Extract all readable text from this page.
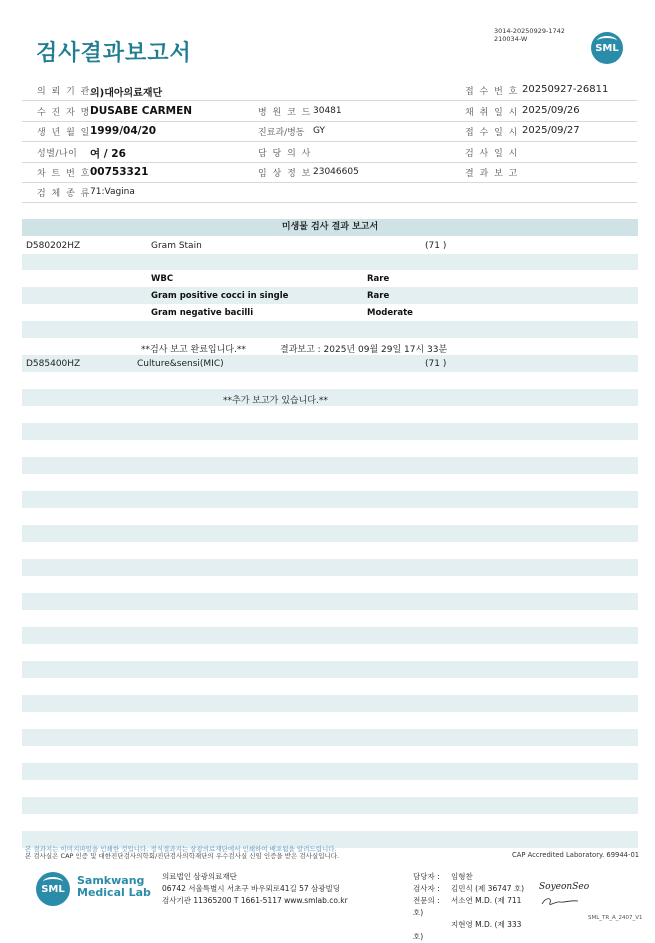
검사결과보고서
3014-20250929-1742
210034-W
SML
의 뢰 기 관 의)대아의료재단	접 수 번 호 20250927-26811
수 진 자 명 DUSABE CARMEN	병 원 코 드 30481	채 취 일 시 2025/09/26
생 년 월 일 1999/04/20	진료과/병동 GY	접 수 일 시 2025/09/27
성별/나이 여 / 26	담 당 의 사	검 사 일 시
차 트 번 호 00753321	임 상 정 보 23046605	결 과 보 고
검 체 종 류 71:Vagina
미생물 검사 결과 보고서
D580202HZ	Gram Stain	(71 )
WBC	Rare
Gram positive cocci in single	Rare
Gram negative bacilli	Moderate
**검사 보고 완료입니다.**	결과보고 : 2025년 09월 29일 17시 33분
D585400HZ	Culture&sensi(MIC)	(71 )
**추가 보고가 있습니다.**
본 결과지는 이미지파일을 인쇄한 것입니다. 정식결과지는 삼광의료재단에서 인쇄하여 배포됨을 알려드립니다.
본 검사실은 CAP 인증 및 대한진단검사의학회/진단검사의학재단의 우수검사실 신임 인증을 받은 검사실입니다.	CAP Accredited Laboratory. 69944-01
SML
Samkwang
Medical Lab
의료법인 삼광의료재단
06742 서울특별시 서초구 바우뫼로41길 57 삼광빌딩
검사기관 11365200 T 1661-5117 www.smlab.co.kr
담당자 : 임형찬
검사자 : 김민식 (제 36747 호)
전문의 : 서소연 M.D. (제 711 호)
지현영 M.D. (제 333 호)
SoyeonSeo
SML_TR_A_2407_V1
